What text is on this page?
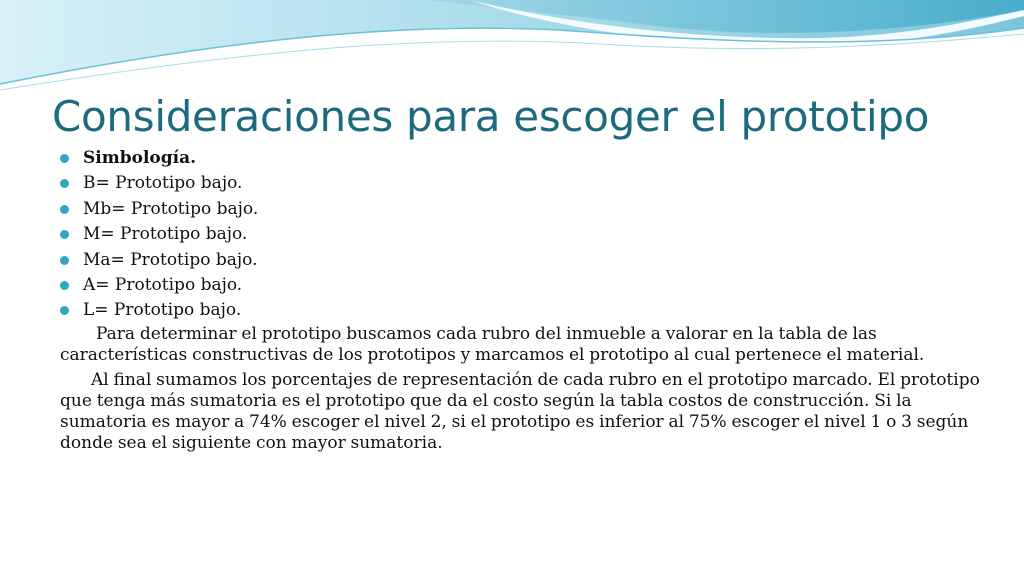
Consideraciones para escoger el prototipo
Simbología.
B= Prototipo bajo.
Mb= Prototipo bajo.
M= Prototipo bajo.
Ma= Prototipo bajo.
A= Prototipo bajo.
L= Prototipo bajo.

Para determinar el prototipo buscamos cada rubro del inmueble a valorar en la tabla de las características constructivas de los prototipos y marcamos el prototipo al cual pertenece el material.

Al final sumamos los porcentajes de representación de cada rubro en el prototipo marcado. El prototipo que tenga más sumatoria es el prototipo que da el costo según la tabla costos de construcción. Si la sumatoria es mayor a 74% escoger el nivel 2, si el prototipo es inferior al 75% escoger el nivel 1 o 3 según donde sea el siguiente con mayor sumatoria.
